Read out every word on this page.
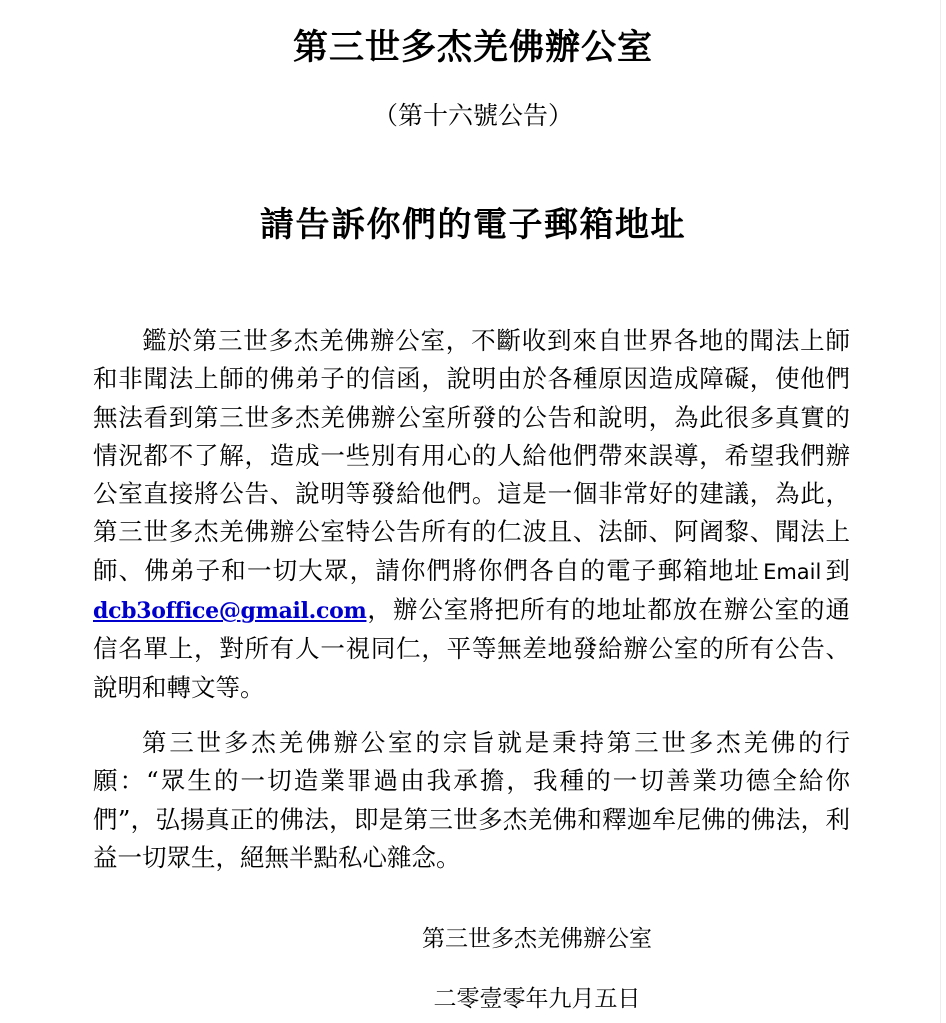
第三世多杰羌佛辦公室
（第十六號公告）
請告訴你們的電子郵箱地址

鑑於第三世多杰羌佛辦公室，不斷收到來自世界各地的聞法上師和非聞法上師的佛弟子的信函，說明由於各種原因造成障礙，使他們無法看到第三世多杰羌佛辦公室所發的公告和說明，為此很多真實的情況都不了解，造成一些別有用心的人給他們帶來誤導，希望我們辦公室直接將公告、說明等發給他們。這是一個非常好的建議，為此，第三世多杰羌佛辦公室特公告所有的仁波且、法師、阿阇黎、聞法上師、佛弟子和一切大眾，請你們將你們各自的電子郵箱地址 Email 到dcb3office@gmail.com，辦公室將把所有的地址都放在辦公室的通信名單上，對所有人一視同仁，平等無差地發給辦公室的所有公告、說明和轉文等。

第三世多杰羌佛辦公室的宗旨就是秉持第三世多杰羌佛的行願：“眾生的一切造業罪過由我承擔，我種的一切善業功德全給你們”，弘揚真正的佛法，即是第三世多杰羌佛和釋迦牟尼佛的佛法，利益一切眾生，絕無半點私心雜念。

第三世多杰羌佛辦公室
二零壹零年九月五日
